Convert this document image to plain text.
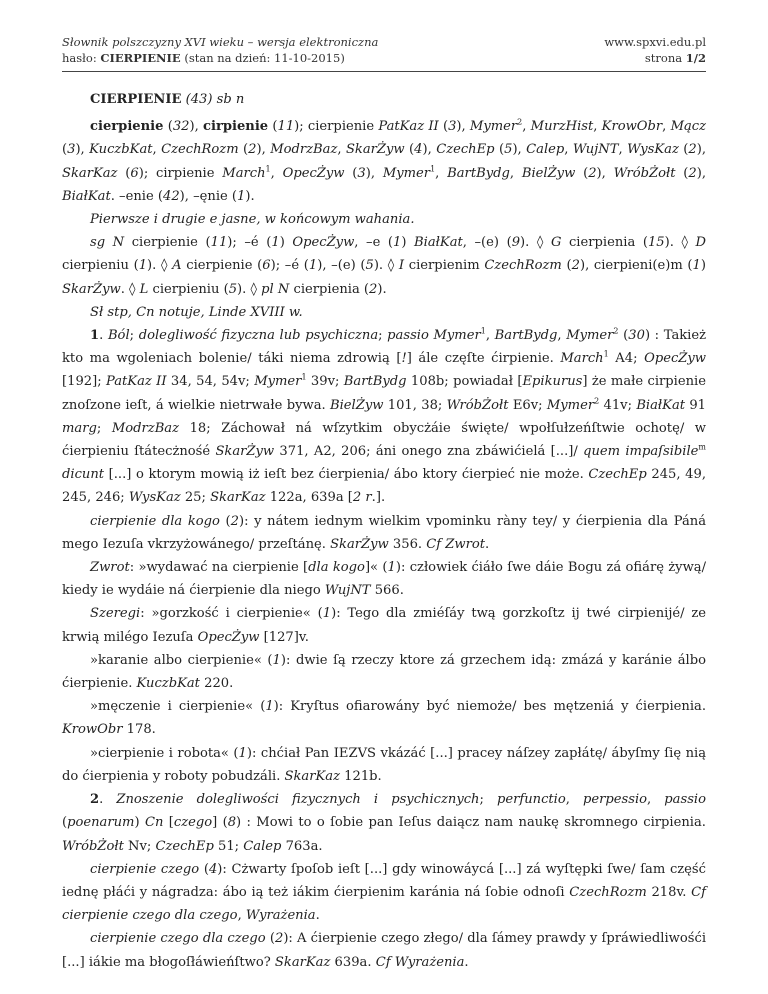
Słownik polszczyzny XVI wieku – wersja elektroniczna
hasło: CIERPIENIE (stan na dzień: 11-10-2015)
www.spxvi.edu.pl
strona 1/2

CIERPIENIE (43) sb n

cierpienie (32), cirpienie (11); cierpienie PatKaz II (3), Mymer$^2$, MurzHist, KrowObr, Mącz (3), KuczbKat, CzechRozm (2), ModrzBaz, SkarŻyw (4), CzechEp (5), Calep, WujNT, WysKaz (2), SkarKaz (6); cirpienie March$^1$, OpecŻyw (3), Mymer$^1$, BartBydg, BielŻyw (2), WróbŻołt (2), BiałKat. –enie (42), –ęnie (1).

Pierwsze i drugie e jasne, w końcowym wahania.

sg N cierpienie (11); –é (1) OpecŻyw, –e (1) BiałKat, –(e) (9). ◊ G cierpienia (15). ◊ D cierpieniu (1). ◊ A cierpienie (6); –é (1), –(e) (5). ◊ I cierpienim CzechRozm (2), cierpieni(e)m (1) SkarŻyw. ◊ L cierpieniu (5). ◊ pl N cierpienia (2).

Sł stp, Cn notuje, Linde XVIII w.

1. Ból; dolegliwość fizyczna lub psychiczna; passio Mymer$^1$, BartBydg, Mymer$^2$ (30) : Takież kto ma wgoleniach bolenie/ táki niema zdrowią [!] ále częſte ćirpienie. March$^1$ A4; OpecŻyw [192]; PatKaz II 34, 54, 54v; Mymer$^1$ 39v; BartBydg 108b; powiadał [Epikurus] że małe cirpienie znoſzone ieſt, á wielkie nietrwałe bywa. BielŻyw 101, 38; WróbŻołt E6v; Mymer$^2$ 41v; BiałKat 91 marg; ModrzBaz 18; Záchował ná wſzytkim obycżáie święte/ wpołſułzeńſtwie ochotę/ w ćierpieniu ſtátecżnośé SkarŻyw 371, A2, 206; áni onego zna zbáwićielá [...]/ quem impaſsibile$^m$ dicunt [...] o ktorym mowią iż ieſt bez ćierpienia/ ábo ktory ćierpieć nie może. CzechEp 245, 49, 245, 246; WysKaz 25; SkarKaz 122a, 639a [2 r.].

cierpienie dla kogo (2): y nátem iednym wielkim vpominku ràny tey/ y ćierpienia dla Páná mego Iezuſa vkrzyżowánego/ przeſtánę. SkarŻyw 356. Cf Zwrot.

Zwrot: »wydawać na cierpienie [dla kogo]« (1): człowiek ćiáło ſwe dáie Bogu zá ofiárę żywą/ kiedy ie wydáie ná ćierpienie dla niego WujNT 566.

Szeregi: »gorzkość i cierpienie« (1): Tego dla zmiéſáy twą gorzkoſtz ij twé cirpienijé/ ze krwią milégo Iezuſa OpecŻyw [127]v.

»karanie albo cierpienie« (1): dwie ſą rzeczy ktore zá grzechem idą: zmázá y karánie álbo ćierpienie. KuczbKat 220.

»męczenie i cierpienie« (1): Kryſtus ofiarowány być niemoże/ bes mętzeniá y ćierpienia. KrowObr 178.

»cierpienie i robota« (1): chćiał Pan IEZVS vkázáć [...] pracey náſzey zapłátę/ ábyſmy ſię nią do ćierpienia y roboty pobudzáli. SkarKaz 121b.

2. Znoszenie dolegliwości fizycznych i psychicznych; perfunctio, perpessio, passio (poenarum) Cn [czego] (8) : Mowi to o ſobie pan Ieſus daiącz nam naukę skromnego cirpienia. WróbŻołt Nv; CzechEp 51; Calep 763a.

cierpienie czego (4): Cżwarty ſpoſob ieſt [...] gdy winowáycá [...] zá wyſtępki ſwe/ ſam część iednę płáći y nágradza: ábo ią też iákim ćierpienim karánia ná ſobie odnoſi CzechRozm 218v. Cf cierpienie czego dla czego, Wyrażenia.

cierpienie czego dla czego (2): A ćierpienie czego złego/ dla ſámey prawdy y ſpráwiedliwośći [...] iákie ma błogoſłáwieńſtwo? SkarKaz 639a. Cf Wyrażenia.
